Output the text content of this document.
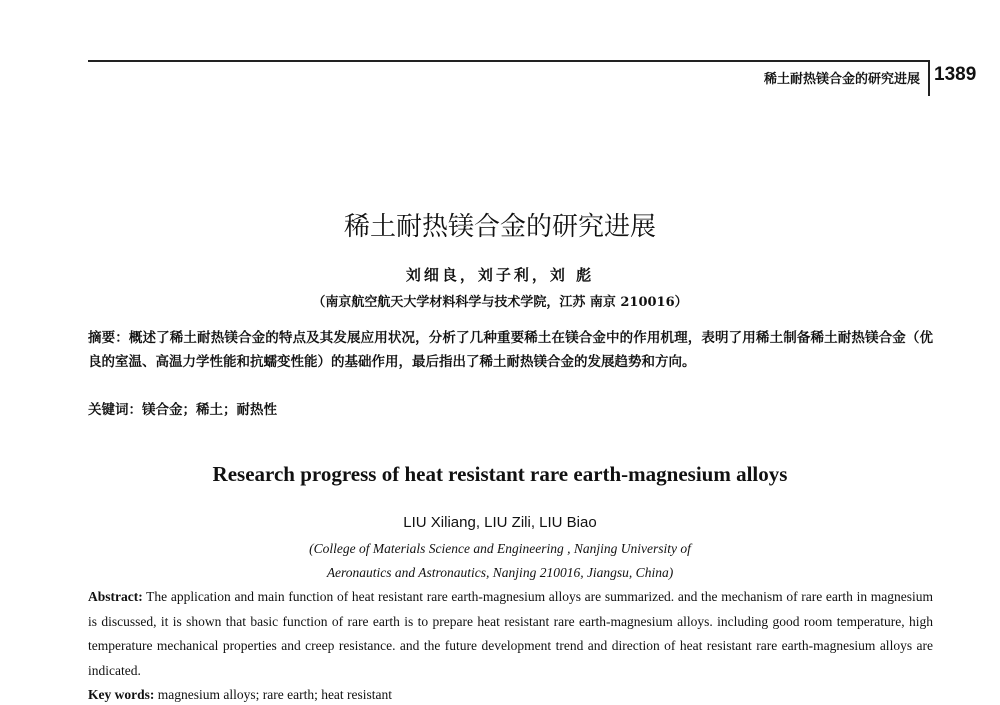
稀土耐热镁合金的研究进展 1389
稀土耐热镁合金的研究进展
刘细良，刘子利，刘 彪
（南京航空航天大学材料科学与技术学院，江苏 南京 210016）
摘要：概述了稀土耐热镁合金的特点及其发展应用状况，分析了几种重要稀土在镁合金中的作用机理，表明了用稀土制备稀土耐热镁合金（优良的室温、高温力学性能和抗蠕变性能）的基础作用，最后指出了稀土耐热镁合金的发展趋势和方向。
关键词：镁合金；稀土；耐热性
Research progress of heat resistant rare earth-magnesium alloys
LIU Xiliang, LIU Zili, LIU Biao
(College of Materials Science and Engineering , Nanjing University of
Aeronautics and Astronautics, Nanjing 210016, Jiangsu, China)
Abstract: The application and main function of heat resistant rare earth-magnesium alloys are summarized. and the mechanism of rare earth in magnesium is discussed, it is shown that basic function of rare earth is to prepare heat resistant rare earth-magnesium alloys. including good room temperature, high temperature mechanical properties and creep resistance. and the future development trend and direction of heat resistant rare earth-magnesium alloys are indicated.
Key words: magnesium alloys; rare earth; heat resistant
